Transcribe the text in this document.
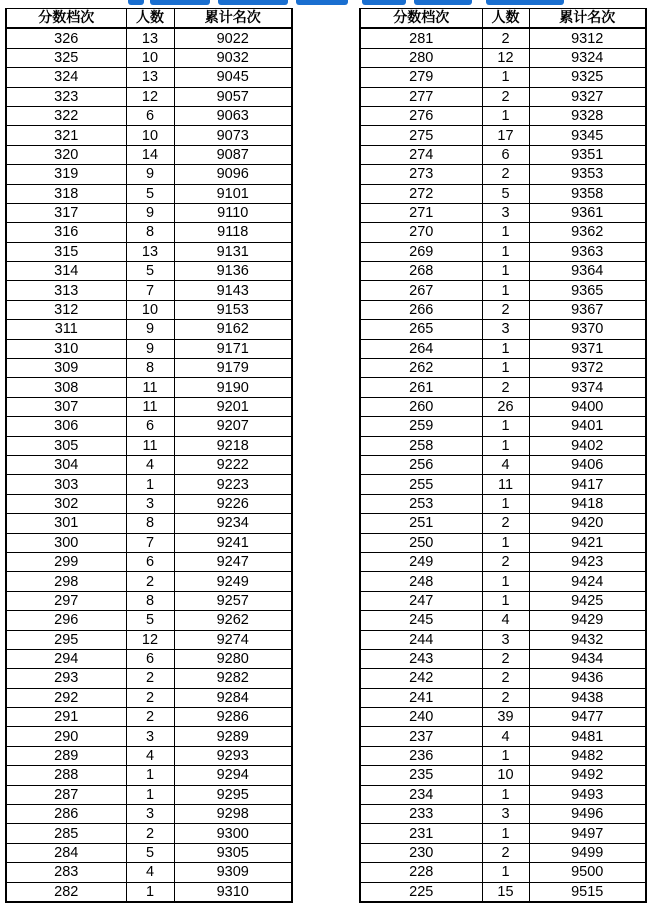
分数档次	人数	累计名次
326	13	9022
325	10	9032
324	13	9045
323	12	9057
322	6	9063
321	10	9073
320	14	9087
319	9	9096
318	5	9101
317	9	9110
316	8	9118
315	13	9131
314	5	9136
313	7	9143
312	10	9153
311	9	9162
310	9	9171
309	8	9179
308	11	9190
307	11	9201
306	6	9207
305	11	9218
304	4	9222
303	1	9223
302	3	9226
301	8	9234
300	7	9241
299	6	9247
298	2	9249
297	8	9257
296	5	9262
295	12	9274
294	6	9280
293	2	9282
292	2	9284
291	2	9286
290	3	9289
289	4	9293
288	1	9294
287	1	9295
286	3	9298
285	2	9300
284	5	9305
283	4	9309
282	1	9310
分数档次	人数	累计名次
281	2	9312
280	12	9324
279	1	9325
277	2	9327
276	1	9328
275	17	9345
274	6	9351
273	2	9353
272	5	9358
271	3	9361
270	1	9362
269	1	9363
268	1	9364
267	1	9365
266	2	9367
265	3	9370
264	1	9371
262	1	9372
261	2	9374
260	26	9400
259	1	9401
258	1	9402
256	4	9406
255	11	9417
253	1	9418
251	2	9420
250	1	9421
249	2	9423
248	1	9424
247	1	9425
245	4	9429
244	3	9432
243	2	9434
242	2	9436
241	2	9438
240	39	9477
237	4	9481
236	1	9482
235	10	9492
234	1	9493
233	3	9496
231	1	9497
230	2	9499
228	1	9500
225	15	9515
